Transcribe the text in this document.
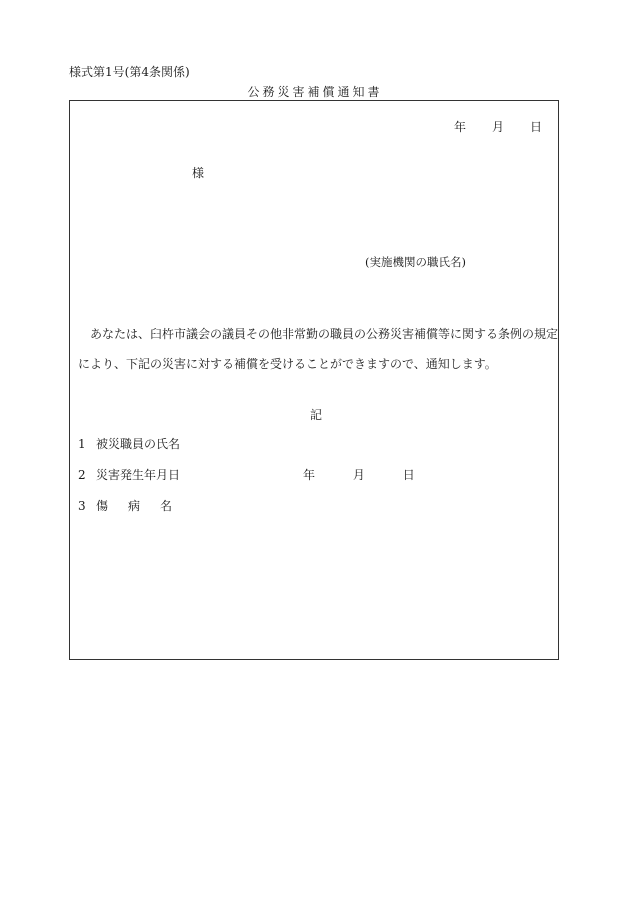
様式第1号(第4条関係)
公務災害補償通知書
年 月 日
様
(実施機関の職氏名)
あなたは、臼杵市議会の議員その他非常勤の職員の公務災害補償等に関する条例の規定により、下記の災害に対する補償を受けることができますので、通知します。
記
1 被災職員の氏名
2 災害発生年月日	年	月	日
3 傷 病 名
